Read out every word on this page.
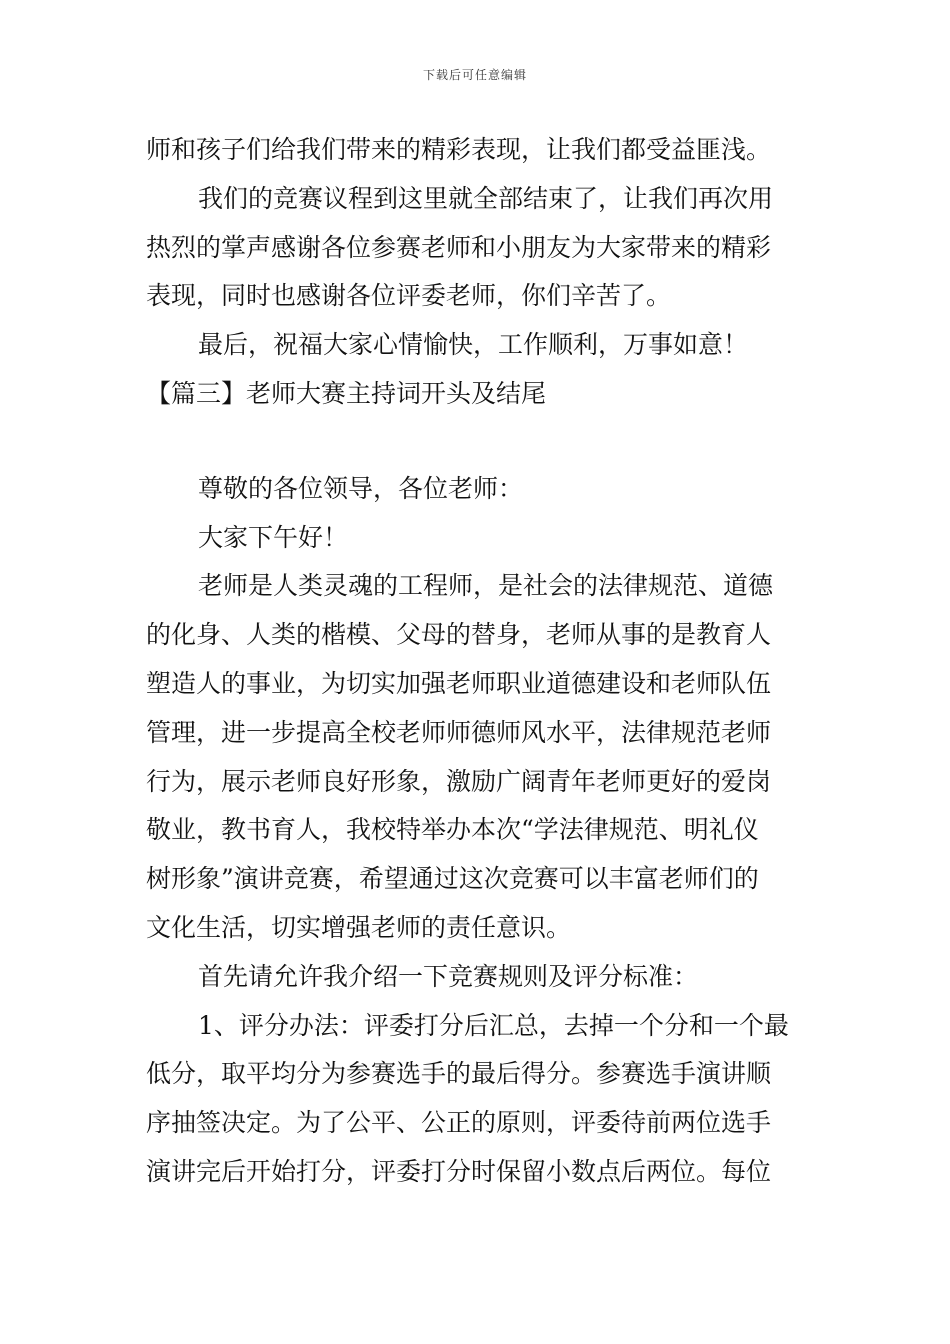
下载后可任意编辑
师和孩子们给我们带来的精彩表现，让我们都受益匪浅。
我们的竞赛议程到这里就全部结束了，让我们再次用
热烈的掌声感谢各位参赛老师和小朋友为大家带来的精彩
表现，同时也感谢各位评委老师，你们辛苦了。
最后，祝福大家心情愉快，工作顺利，万事如意！
【篇三】老师大赛主持词开头及结尾
尊敬的各位领导，各位老师：
大家下午好！
老师是人类灵魂的工程师，是社会的法律规范、道德
的化身、人类的楷模、父母的替身，老师从事的是教育人
塑造人的事业，为切实加强老师职业道德建设和老师队伍
管理，进一步提高全校老师师德师风水平，法律规范老师
行为，展示老师良好形象，激励广阔青年老师更好的爱岗
敬业，教书育人，我校特举办本次“学法律规范、明礼仪
树形象”演讲竞赛，希望通过这次竞赛可以丰富老师们的
文化生活，切实增强老师的责任意识。
首先请允许我介绍一下竞赛规则及评分标准：
1、评分办法：评委打分后汇总，去掉一个分和一个最
低分，取平均分为参赛选手的最后得分。参赛选手演讲顺
序抽签决定。为了公平、公正的原则，评委待前两位选手
演讲完后开始打分，评委打分时保留小数点后两位。每位
